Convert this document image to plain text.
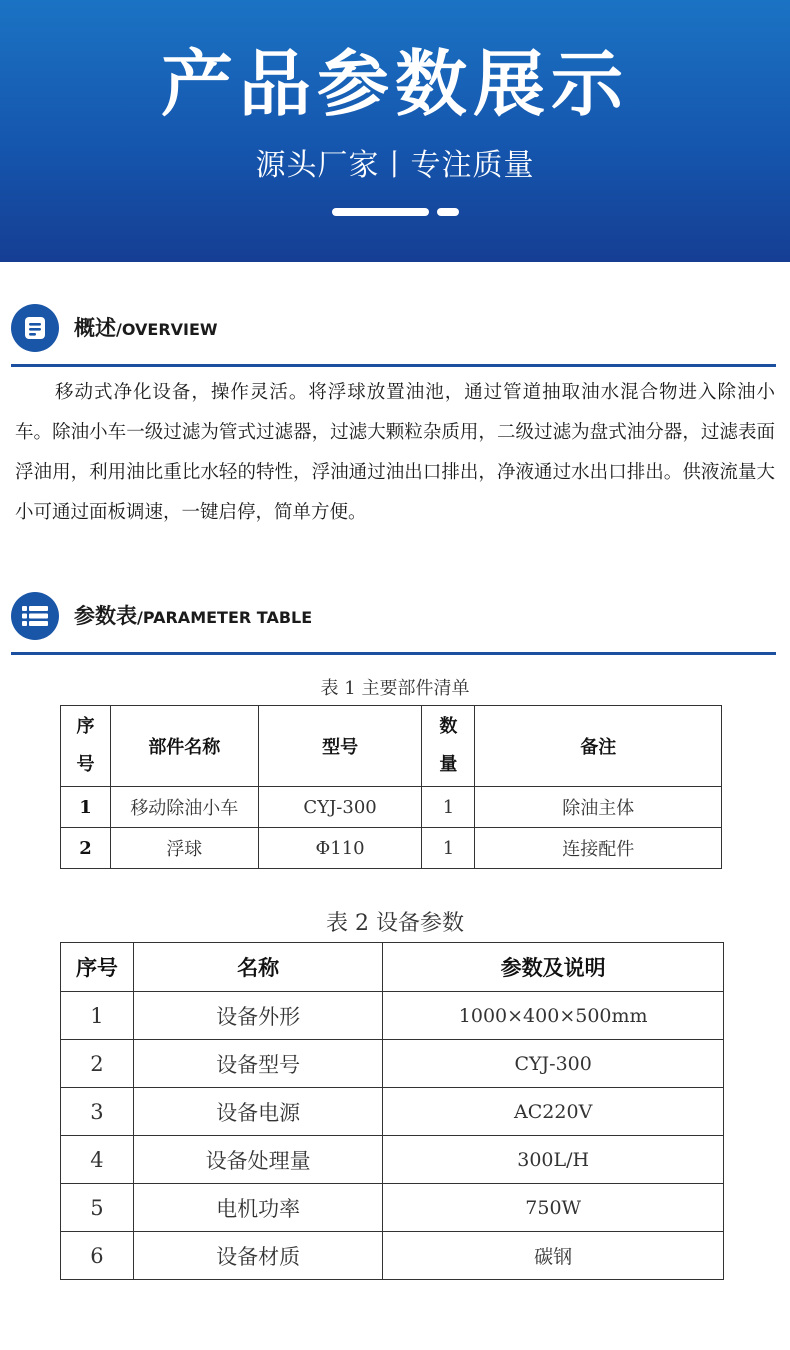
产品参数展示
源头厂家丨专注质量
概述/OVERVIEW
移动式净化设备，操作灵活。将浮球放置油池，通过管道抽取油水混合物进入除油小车。除油小车一级过滤为管式过滤器，过滤大颗粒杂质用，二级过滤为盘式油分器，过滤表面浮油用，利用油比重比水轻的特性，浮油通过油出口排出，净液通过水出口排出。供液流量大小可通过面板调速，一键启停，简单方便。
参数表/PARAMETER TABLE
表 1 主要部件清单
序号	部件名称	型号	数量	备注
1	移动除油小车	CYJ-300	1	除油主体
2	浮球	Φ110	1	连接配件
表 2 设备参数
序号	名称	参数及说明
1	设备外形	1000×400×500mm
2	设备型号	CYJ-300
3	设备电源	AC220V
4	设备处理量	300L/H
5	电机功率	750W
6	设备材质	碳钢
